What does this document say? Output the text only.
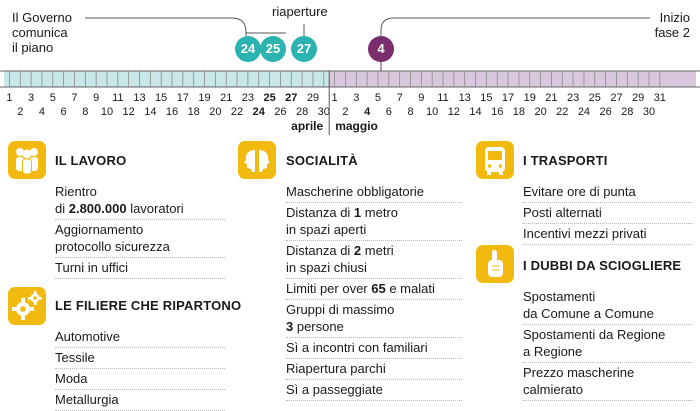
Il Governo
comunica
il piano
riaperture	Inizio
fase 2
24 25	27	4
1
2
3
4
5
6
7
8
9
10
11
12
13
14
15
16
17
18
19
20
21
22
23
24
25
26
27
28
29
30
1
2
3
4
5
6
7
8
9
10
11
12
13
14
15
16
17
18
19
20
21
22
23
24
25
26
27
28
29
30
31
aprile maggio
IL LAVORO
Rientro
di 2.800.000 lavoratori
Aggiornamento
protocollo sicurezza
Turni in uffici
LE FILIERE CHE RIPARTONO
Automotive
Tessile
Moda
Metallurgia
SOCIALITÀ
Mascherine obbligatorie
Distanza di 1 metro
in spazi aperti
Distanza di 2 metri
in spazi chiusi
Limiti per over 65 e malati
Gruppi di massimo
3 persone
Sì a incontri con familiari
Riapertura parchi
Sì a passeggiate
I TRASPORTI
Evitare ore di punta
Posti alternati
Incentivi mezzi privati
I DUBBI DA SCIOGLIERE
Spostamenti
da Comune a Comune
Spostamenti da Regione
a Regione
Prezzo mascherine
calmierato
